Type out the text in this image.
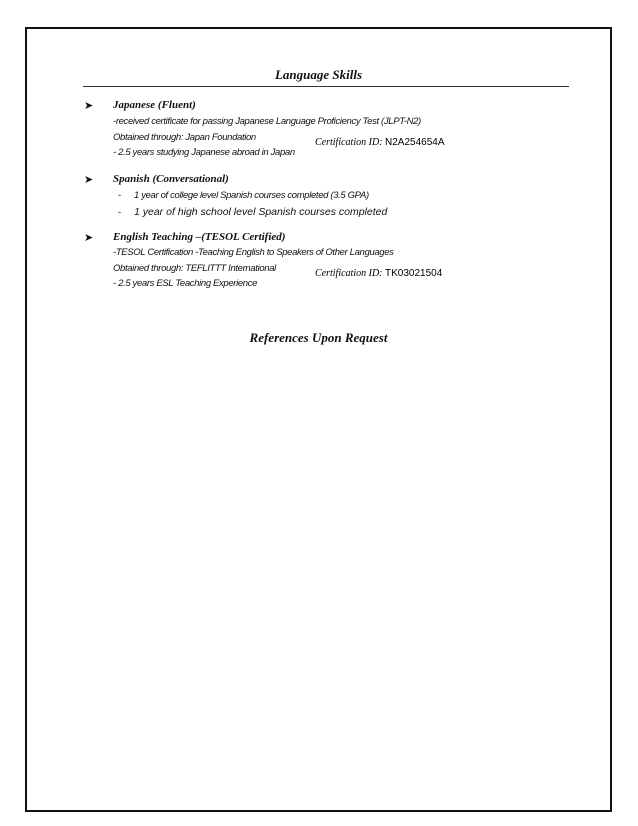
Language Skills
➤ Japanese (Fluent)
-received certificate for passing Japanese Language Proficiency Test (JLPT-N2)
Obtained through: Japan Foundation	Certification ID: N2A254654A
- 2.5 years studying Japanese abroad in Japan
➤ Spanish (Conversational)
- 1 year of college level Spanish courses completed (3.5 GPA)
- 1 year of high school level Spanish courses completed
➤ English Teaching –(TESOL Certified)
-TESOL Certification -Teaching English to Speakers of Other Languages
Obtained through: TEFLITTT International	Certification ID: TK03021504
- 2.5 years ESL Teaching Experience
References Upon Request
